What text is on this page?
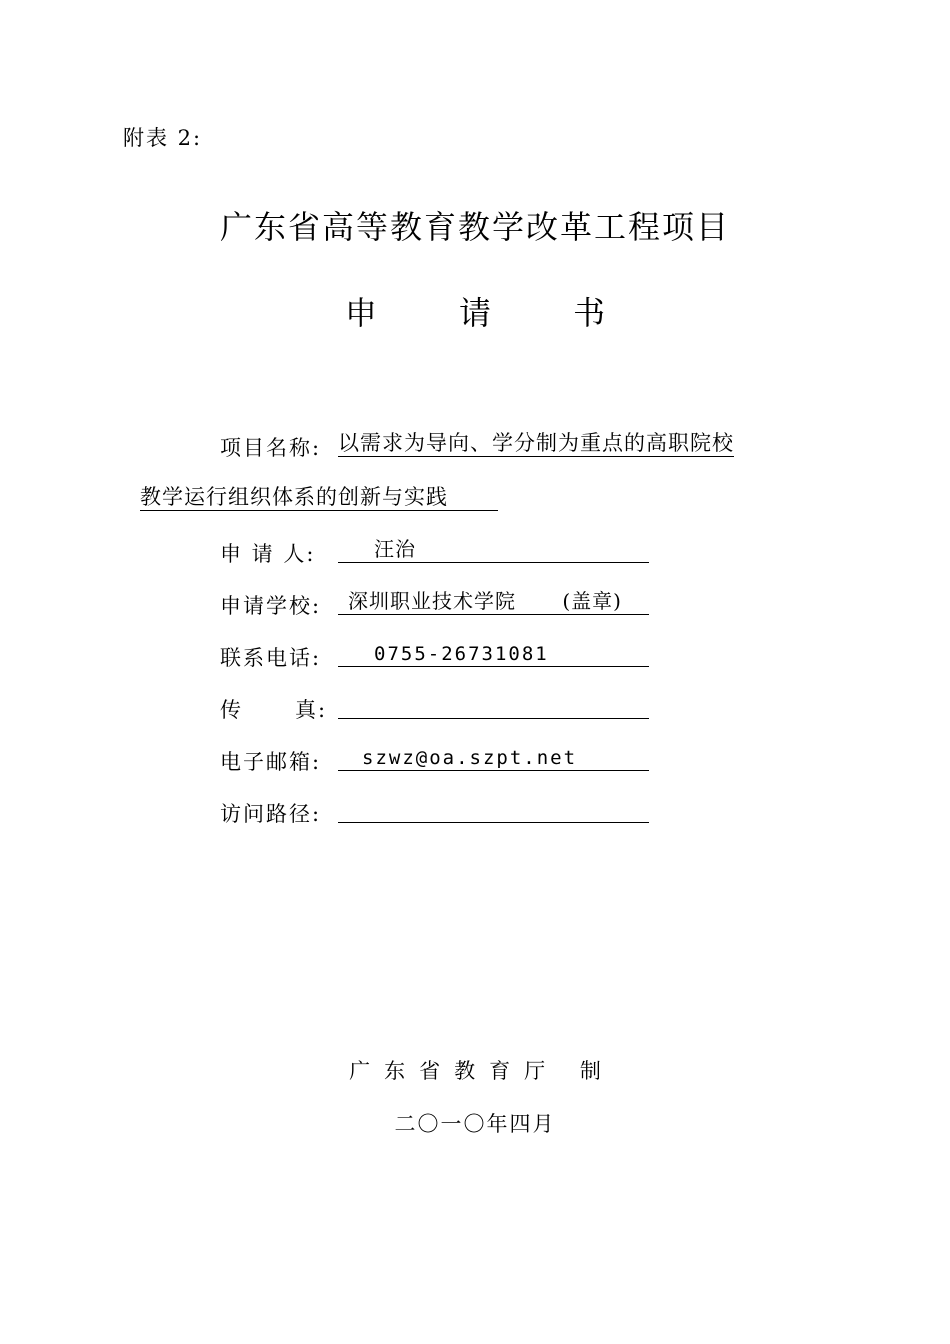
附表 2:
广东省高等教育教学改革工程项目
申 请 书
项目名称: 以需求为导向、学分制为重点的高职院校
教学运行组织体系的创新与实践
申 请 人:	汪治
申请学校:	深圳职业技术学院 (盖章)
联系电话:	0755-26731081
传      真:
电子邮箱:	szwz@oa.szpt.net
访问路径:
广东省教育厅 制
二〇一〇年四月
